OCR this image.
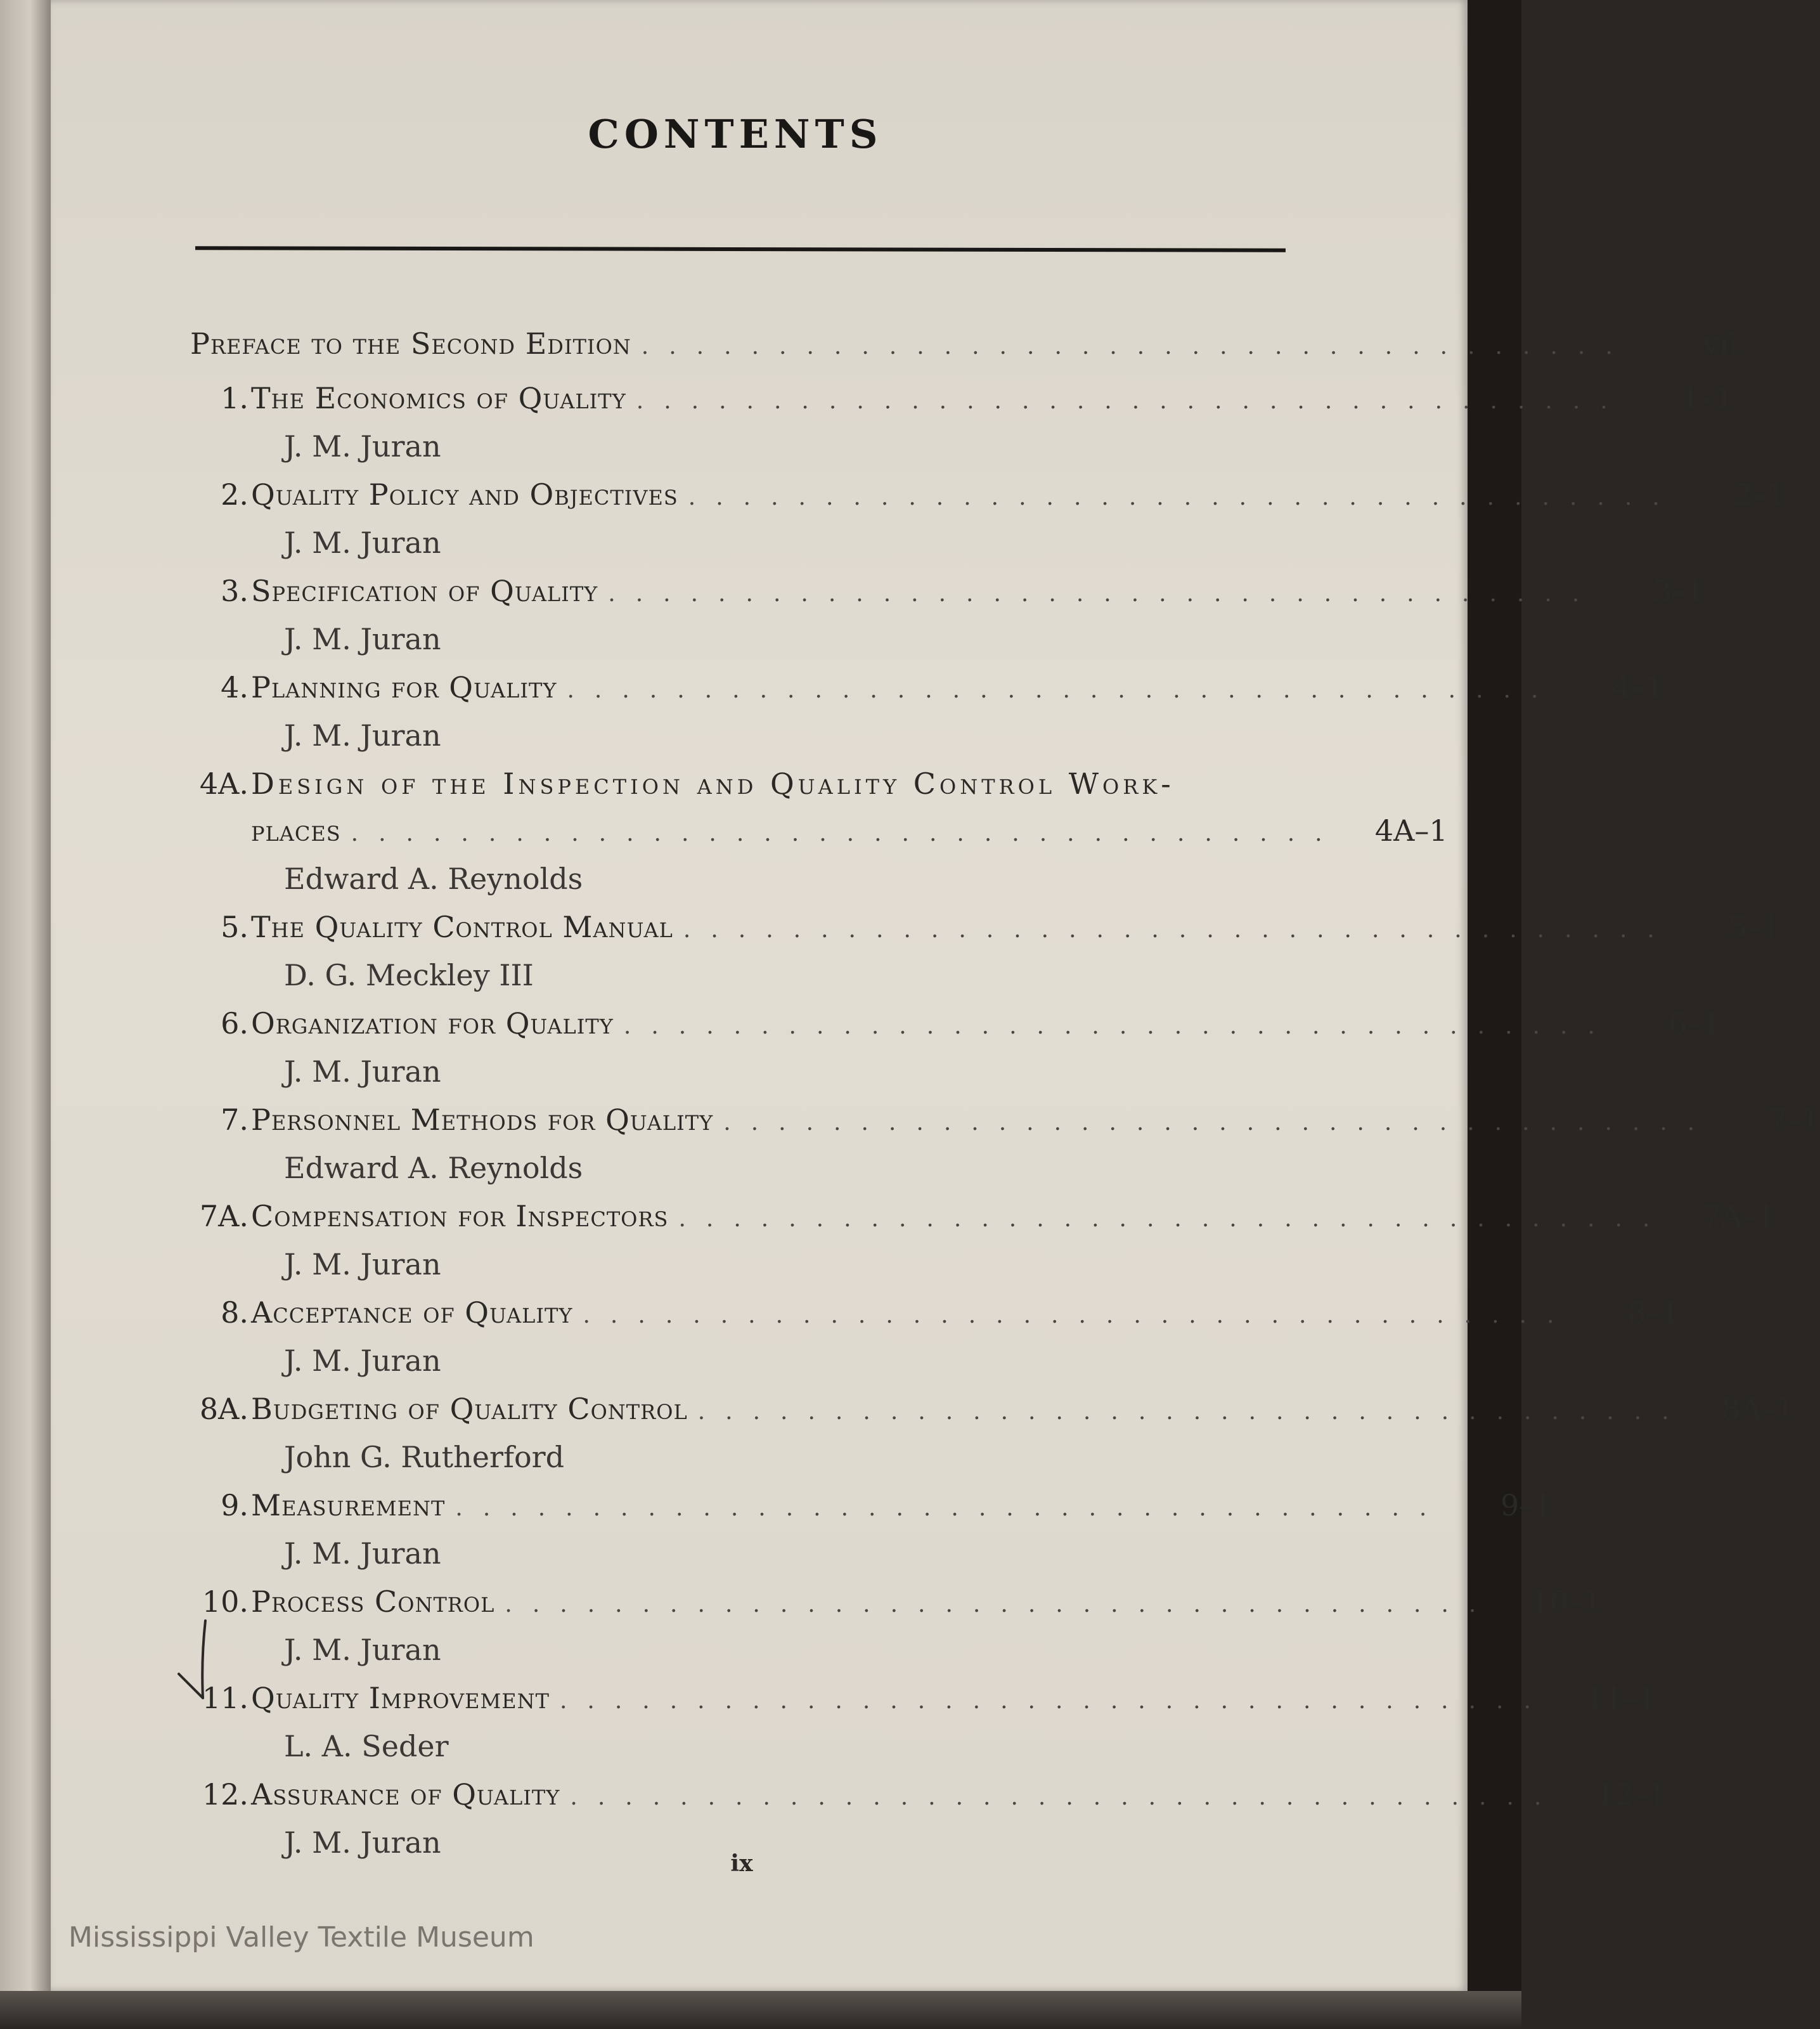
CONTENTS
Preface to the Second Edition ....................................	vii
1. The Economics of Quality ....................................	1–1
J. M. Juran
2. Quality Policy and Objectives ....................................	2–1
J. M. Juran
3. Specification of Quality ....................................	3–1
J. M. Juran
4. Planning for Quality ....................................	4–1
J. M. Juran
4A. Design of the Inspection and Quality Control Work-
places ....................................	4A–1
Edward A. Reynolds
5. The Quality Control Manual ....................................	5–1
D. G. Meckley III
6. Organization for Quality ....................................	6–1
J. M. Juran
7. Personnel Methods for Quality ....................................	7–1
Edward A. Reynolds
7A. Compensation for Inspectors ....................................	7A–1
J. M. Juran
8. Acceptance of Quality ....................................	8–1
J. M. Juran
8A. Budgeting of Quality Control ....................................	8A–1
John G. Rutherford
9. Measurement ....................................	9–1
J. M. Juran
10. Process Control ....................................	10–1
J. M. Juran
11. Quality Improvement ....................................	11–1
L. A. Seder
12. Assurance of Quality ....................................	12–1
J. M. Juran
ix
Mississippi Valley Textile Museum
